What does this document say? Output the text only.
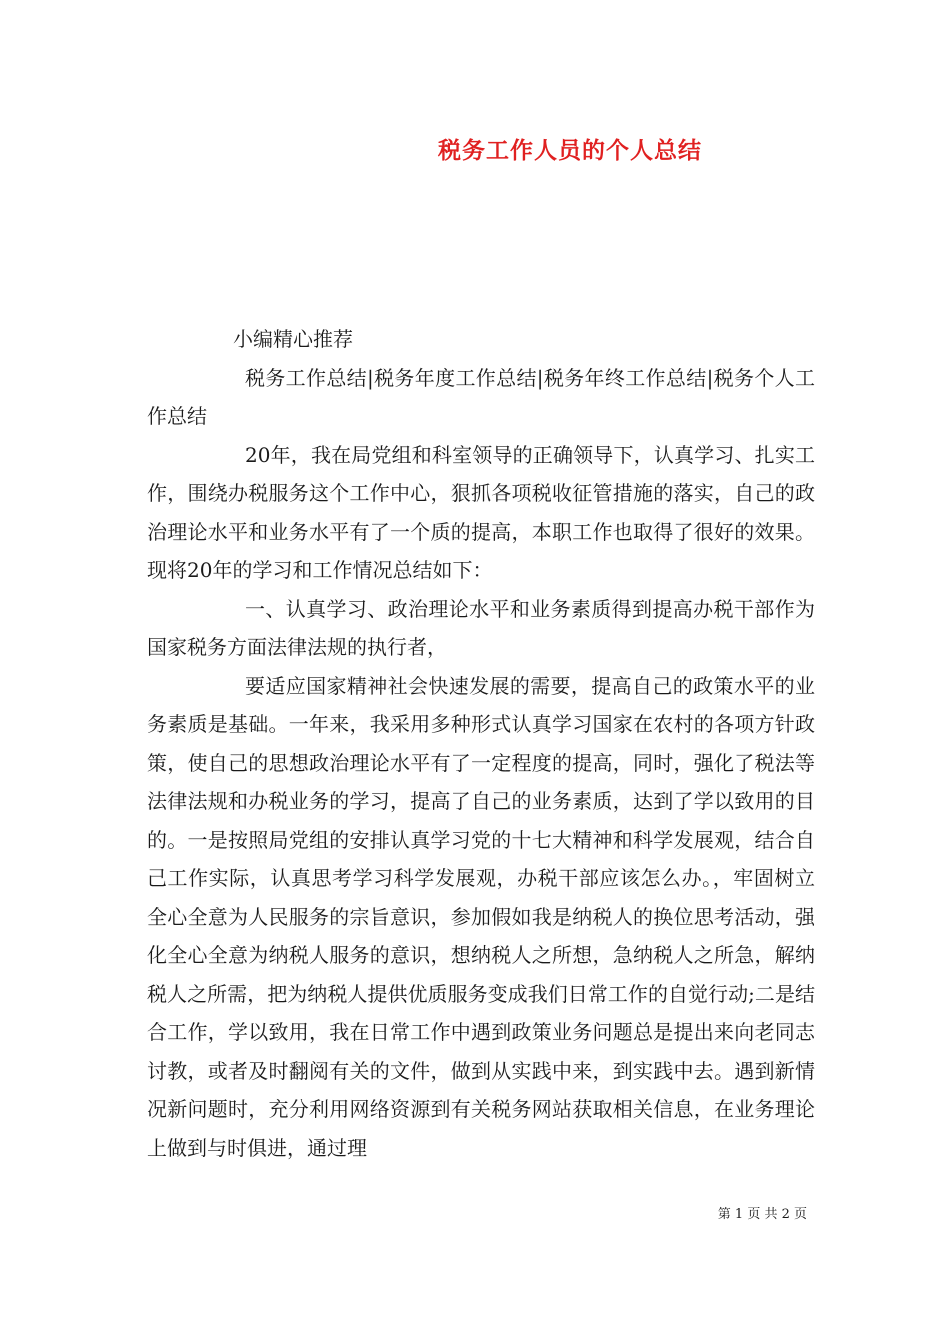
税务工作人员的个人总结

小编精心推荐

税务工作总结|税务年度工作总结|税务年终工作总结|税务个人工作总结

20年，我在局党组和科室领导的正确领导下，认真学习、扎实工作，围绕办税服务这个工作中心，狠抓各项税收征管措施的落实，自己的政治理论水平和业务水平有了一个质的提高，本职工作也取得了很好的效果。现将20年的学习和工作情况总结如下：

一、认真学习、政治理论水平和业务素质得到提高办税干部作为国家税务方面法律法规的执行者，

要适应国家精神社会快速发展的需要，提高自己的政策水平的业务素质是基础。一年来，我采用多种形式认真学习国家在农村的各项方针政策，使自己的思想政治理论水平有了一定程度的提高，同时，强化了税法等法律法规和办税业务的学习，提高了自己的业务素质，达到了学以致用的目的。一是按照局党组的安排认真学习党的十七大精神和科学发展观，结合自己工作实际，认真思考学习科学发展观，办税干部应该怎么办。，牢固树立全心全意为人民服务的宗旨意识，参加假如我是纳税人的换位思考活动，强化全心全意为纳税人服务的意识，想纳税人之所想，急纳税人之所急，解纳税人之所需，把为纳税人提供优质服务变成我们日常工作的自觉行动;二是结合工作，学以致用，我在日常工作中遇到政策业务问题总是提出来向老同志讨教，或者及时翻阅有关的文件，做到从实践中来，到实践中去。遇到新情况新问题时，充分利用网络资源到有关税务网站获取相关信息，在业务理论上做到与时俱进，通过理

第 1 页 共 2 页
